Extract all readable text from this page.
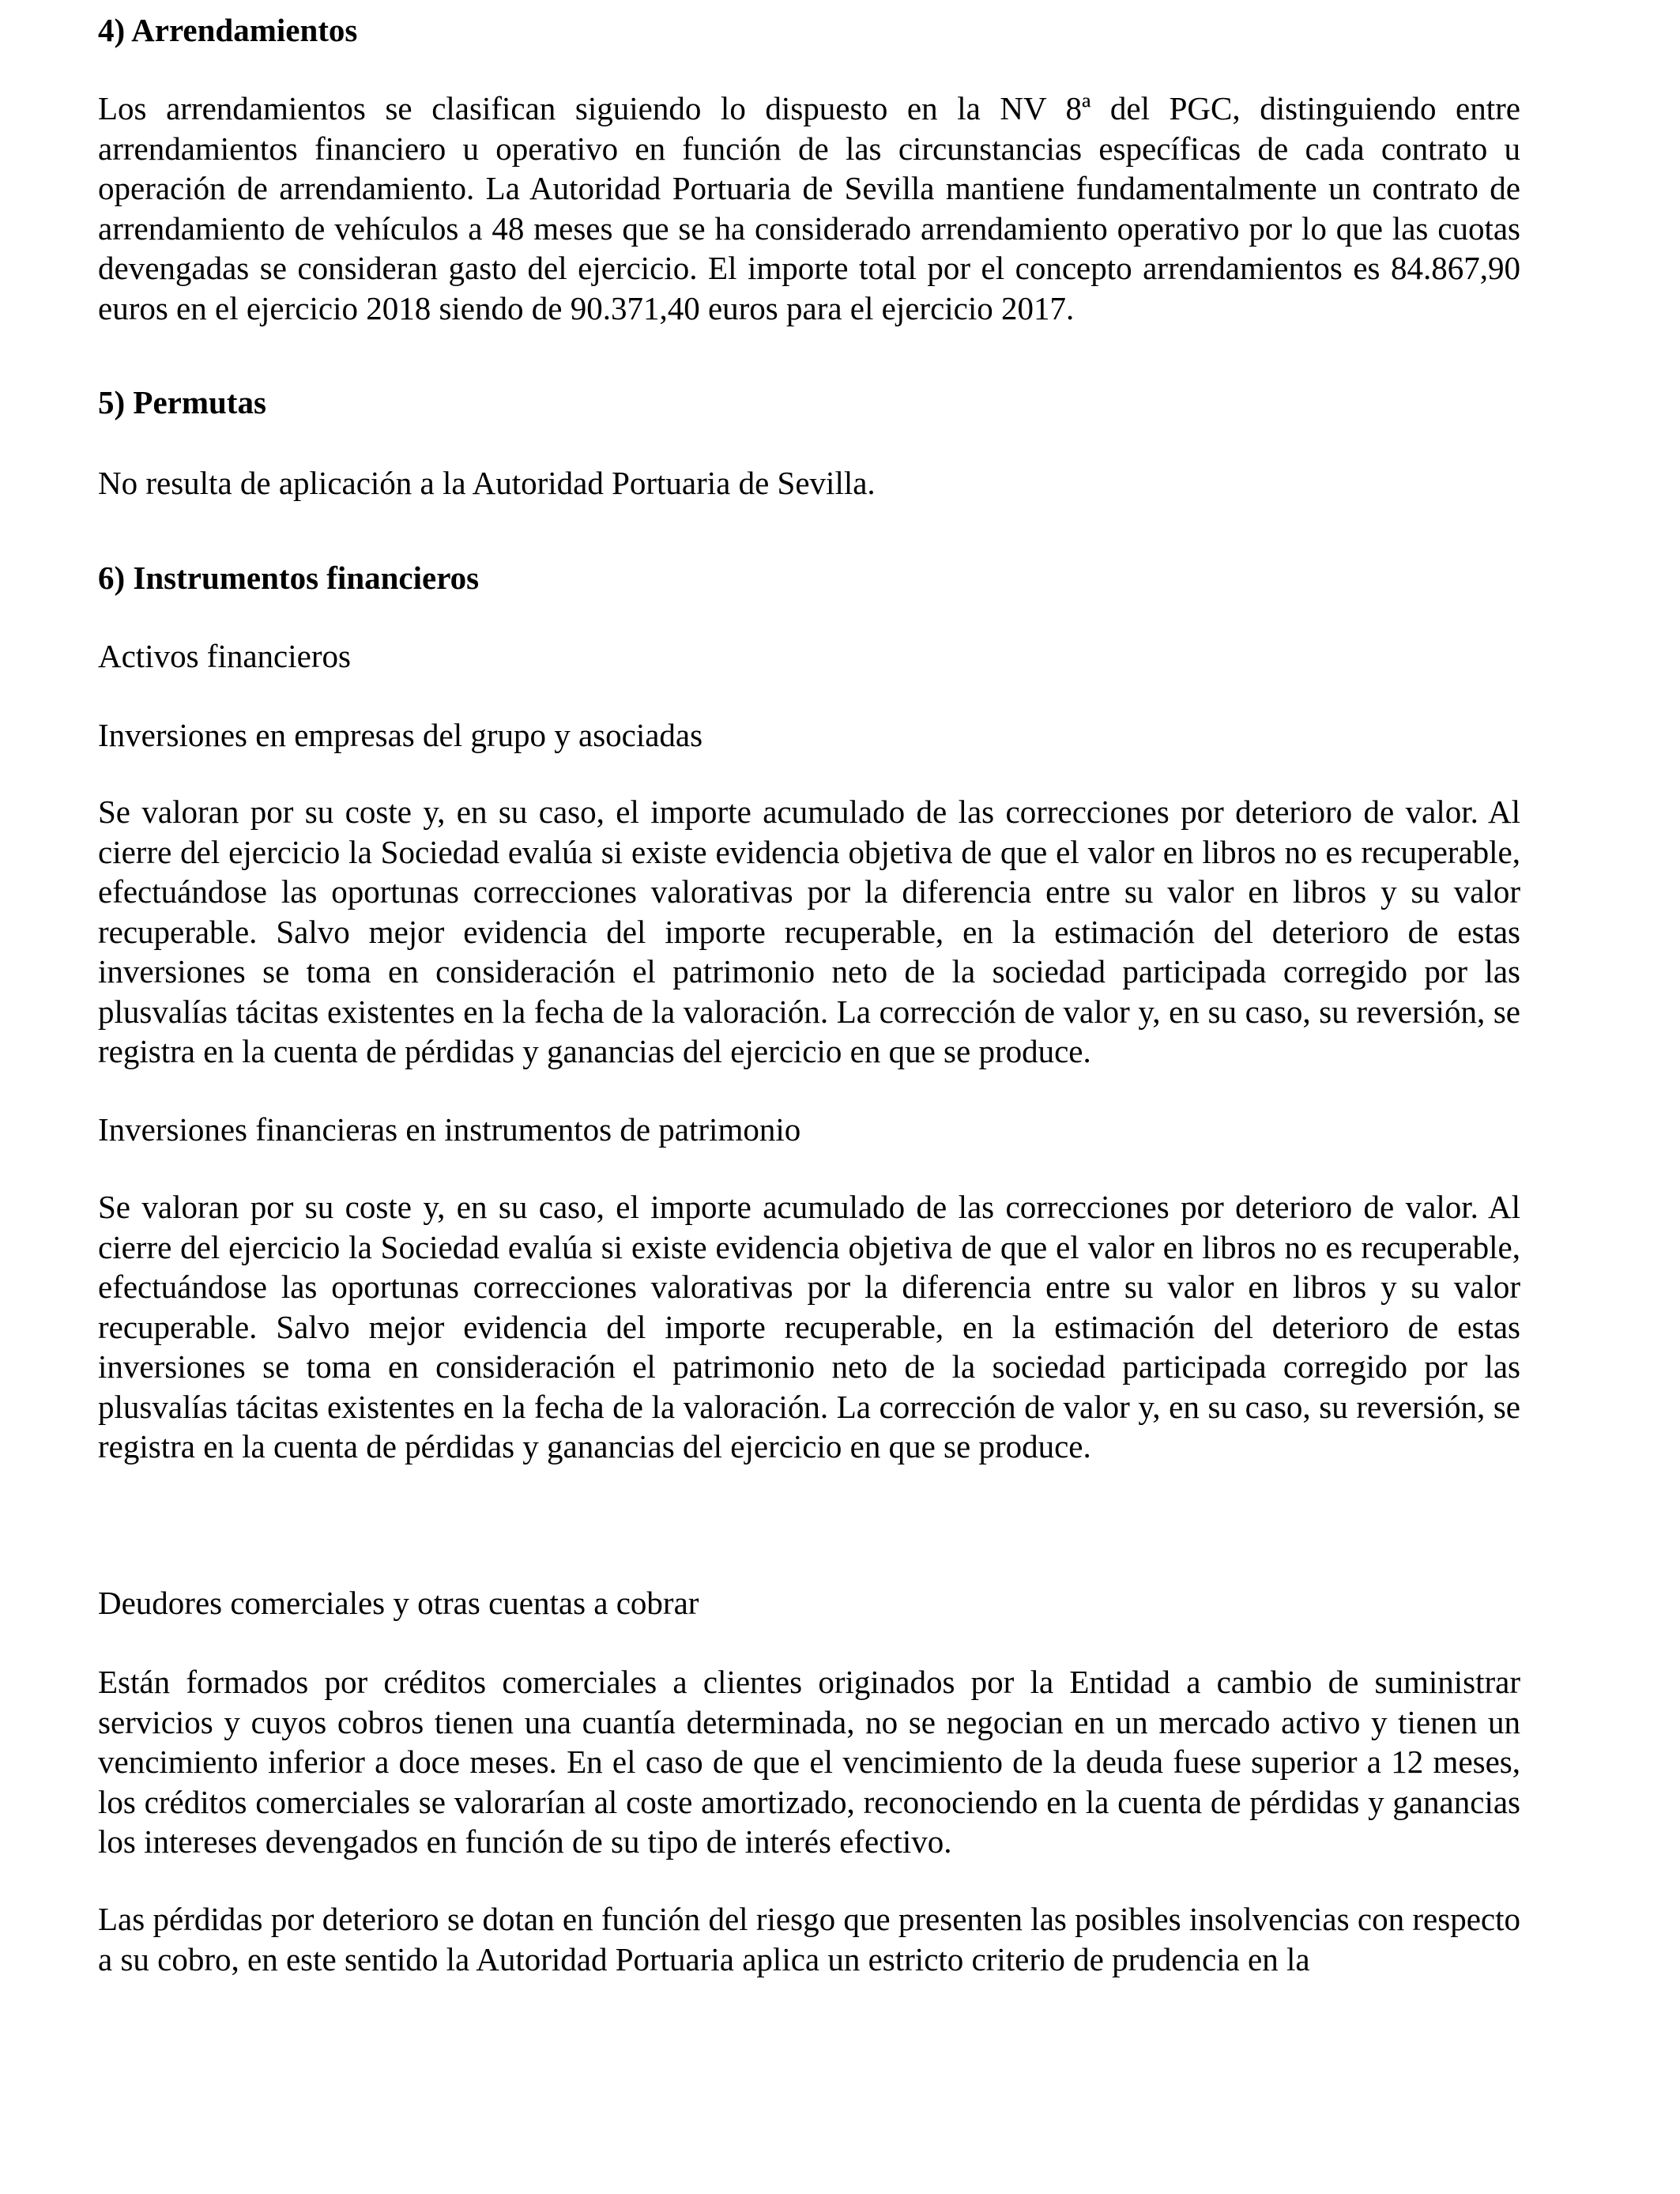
4) Arrendamientos

Los arrendamientos se clasifican siguiendo lo dispuesto en la NV 8ª del PGC, distinguiendo entre arrendamientos financiero u operativo en función de las circunstancias específicas de cada contrato u operación de arrendamiento. La Autoridad Portuaria de Sevilla mantiene fundamentalmente un contrato de arrendamiento de vehículos a 48 meses que se ha considerado arrendamiento operativo por lo que las cuotas devengadas se consideran gasto del ejercicio. El importe total por el concepto arrendamientos es 84.867,90 euros en el ejercicio 2018 siendo de 90.371,40 euros para el ejercicio 2017.

5) Permutas

No resulta de aplicación a la Autoridad Portuaria de Sevilla.

6) Instrumentos financieros
Activos financieros
Inversiones en empresas del grupo y asociadas

Se valoran por su coste y, en su caso, el importe acumulado de las correcciones por deterioro de valor. Al cierre del ejercicio la Sociedad evalúa si existe evidencia objetiva de que el valor en libros no es recuperable, efectuándose las oportunas correcciones valorativas por la diferencia entre su valor en libros y su valor recuperable. Salvo mejor evidencia del importe recuperable, en la estimación del deterioro de estas inversiones se toma en consideración el patrimonio neto de la sociedad participada corregido por las plusvalías tácitas existentes en la fecha de la valoración. La corrección de valor y, en su caso, su reversión, se registra en la cuenta de pérdidas y ganancias del ejercicio en que se produce.

Inversiones financieras en instrumentos de patrimonio

Se valoran por su coste y, en su caso, el importe acumulado de las correcciones por deterioro de valor. Al cierre del ejercicio la Sociedad evalúa si existe evidencia objetiva de que el valor en libros no es recuperable, efectuándose las oportunas correcciones valorativas por la diferencia entre su valor en libros y su valor recuperable. Salvo mejor evidencia del importe recuperable, en la estimación del deterioro de estas inversiones se toma en consideración el patrimonio neto de la sociedad participada corregido por las plusvalías tácitas existentes en la fecha de la valoración. La corrección de valor y, en su caso, su reversión, se registra en la cuenta de pérdidas y ganancias del ejercicio en que se produce.

Deudores comerciales y otras cuentas a cobrar

Están formados por créditos comerciales a clientes originados por la Entidad a cambio de suministrar servicios y cuyos cobros tienen una cuantía determinada, no se negocian en un mercado activo y tienen un vencimiento inferior a doce meses. En el caso de que el vencimiento de la deuda fuese superior a 12 meses, los créditos comerciales se valorarían al coste amortizado, reconociendo en la cuenta de pérdidas y ganancias los intereses devengados en función de su tipo de interés efectivo.

Las pérdidas por deterioro se dotan en función del riesgo que presenten las posibles insolvencias con respecto a su cobro, en este sentido la Autoridad Portuaria aplica un estricto criterio de prudencia en la
